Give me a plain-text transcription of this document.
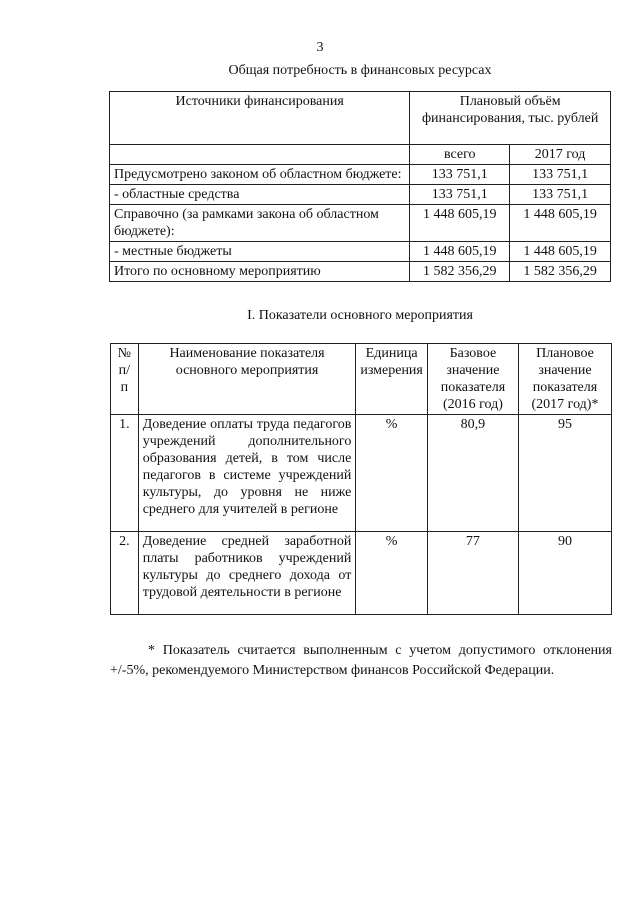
3
Общая потребность в финансовых ресурсах
Источники финансирования	Плановый объём финансирования, тыс. рублей	
	всего	2017 год
Предусмотрено законом об областном бюджете:	133 751,1	133 751,1
- областные средства	133 751,1	133 751,1
Справочно (за рамками закона об областном бюджете):	1 448 605,19	1 448 605,19
- местные бюджеты	1 448 605,19	1 448 605,19
Итого по основному мероприятию	1 582 356,29	1 582 356,29
I. Показатели основного мероприятия
№ п/п	Наименование показателя основного мероприятия	Единица измерения	Базовое значение показателя (2016 год)	Плановое значение показателя (2017 год)*
1.	Доведение оплаты труда педагогов учреждений дополнительного образования детей, в том числе педагогов в системе учреждений культуры, до уровня не ниже среднего для учителей в регионе	%	80,9	95
2.	Доведение средней заработной платы работников учреждений культуры до среднего дохода от трудовой деятельности в регионе	%	77	90
* Показатель считается выполненным с учетом допустимого отклонения +/-5%, рекомендуемого Министерством финансов Российской Федерации.
